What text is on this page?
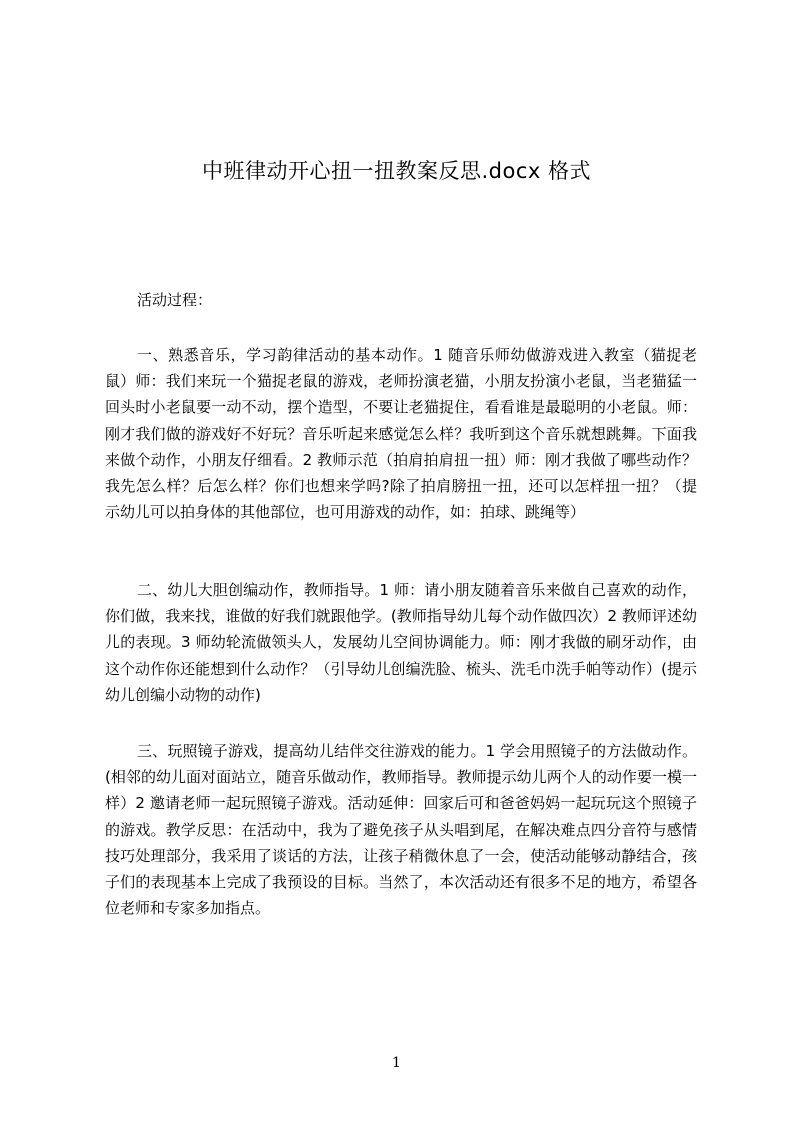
中班律动开心扭一扭教案反思.docx 格式
活动过程：

一、熟悉音乐，学习韵律活动的基本动作。1 随音乐师幼做游戏进入教室（猫捉老鼠）师：我们来玩一个猫捉老鼠的游戏，老师扮演老猫，小朋友扮演小老鼠，当老猫猛一回头时小老鼠要一动不动，摆个造型，不要让老猫捉住，看看谁是最聪明的小老鼠。师：刚才我们做的游戏好不好玩？音乐听起来感觉怎么样？我听到这个音乐就想跳舞。下面我来做个动作，小朋友仔细看。2 教师示范（拍肩拍肩扭一扭）师：刚才我做了哪些动作？我先怎么样？后怎么样？你们也想来学吗?除了拍肩膀扭一扭，还可以怎样扭一扭？（提示幼儿可以拍身体的其他部位，也可用游戏的动作，如：拍球、跳绳等）

二、幼儿大胆创编动作，教师指导。1 师：请小朋友随着音乐来做自己喜欢的动作，你们做，我来找，谁做的好我们就跟他学。(教师指导幼儿每个动作做四次）2 教师评述幼儿的表现。3 师幼轮流做领头人，发展幼儿空间协调能力。师：刚才我做的刷牙动作，由这个动作你还能想到什么动作？（引导幼儿创编洗脸、梳头、洗毛巾洗手帕等动作）(提示幼儿创编小动物的动作)

三、玩照镜子游戏，提高幼儿结伴交往游戏的能力。1 学会用照镜子的方法做动作。(相邻的幼儿面对面站立，随音乐做动作，教师指导。教师提示幼儿两个人的动作要一模一样）2 邀请老师一起玩照镜子游戏。活动延伸：回家后可和爸爸妈妈一起玩玩这个照镜子的游戏。教学反思：在活动中，我为了避免孩子从头唱到尾，在解决难点四分音符与感情技巧处理部分，我采用了谈话的方法，让孩子稍微休息了一会，使活动能够动静结合，孩子们的表现基本上完成了我预设的目标。当然了，本次活动还有很多不足的地方，希望各位老师和专家多加指点。

1
